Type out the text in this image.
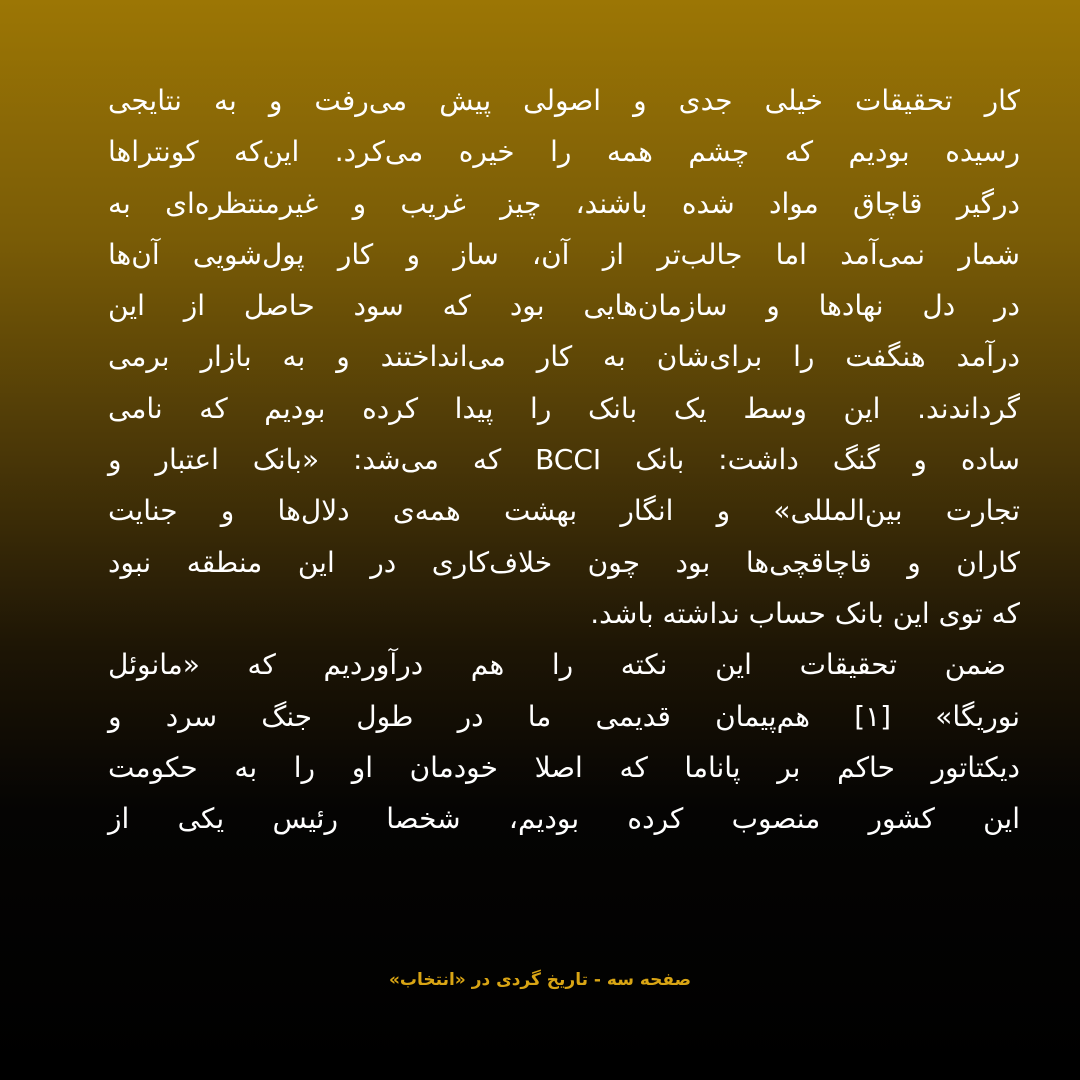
کار تحقیقات خیلی جدی و اصولی پیش می‌رفت و به نتایجی
رسیده بودیم که چشم همه را خیره می‌کرد. این‌که کونتراها
درگیر قاچاق مواد شده باشند، چیز غریب و غیرمنتظره‌ای به
شمار نمی‌آمد اما جالب‌تر از آن، ساز و کار پول‌شویی آن‌ها
در دل نهادها و سازمان‌هایی بود که سود حاصل از این
درآمد هنگفت را برای‌شان به کار می‌انداختند و به بازار برمی
گرداندند. این وسط یک بانک را پیدا کرده بودیم که نامی
ساده و گنگ داشت: بانک BCCI که می‌شد: «بانک اعتبار و
تجارت بین‌المللی» و انگار بهشت همه‌ی دلال‌ها و جنایت
کاران و قاچاقچی‌ها بود چون خلاف‌کاری در این منطقه نبود
که توی این بانک حساب نداشته باشد.
ضمن تحقیقات این نکته را هم درآوردیم که «مانوئل
نوریگا» [۱] هم‌پیمان قدیمی ما در طول جنگ سرد و
دیکتاتور حاکم بر پاناما که اصلا خودمان او را به حکومت
این کشور منصوب کرده بودیم، شخصا رئیس یکی از
صفحه سه - تاریخ گردی در «انتخاب»
